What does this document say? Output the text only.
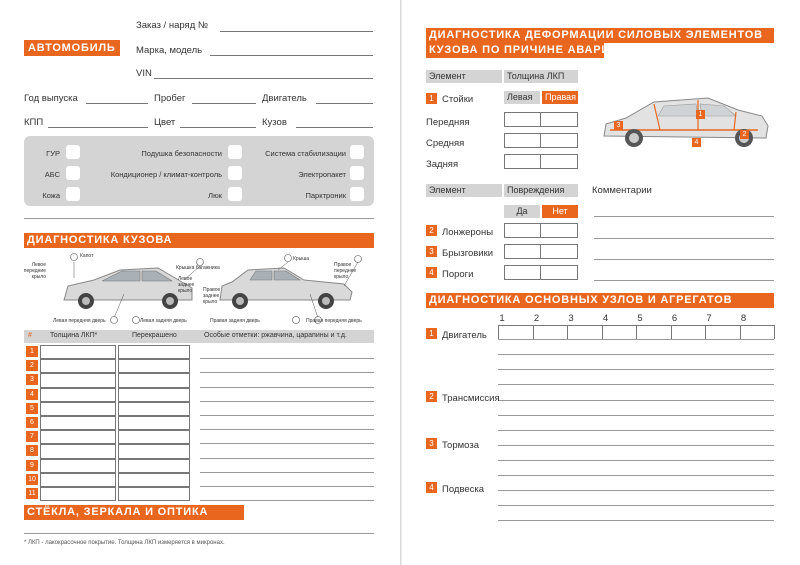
Заказ / наряд №
АВТОМОБИЛЬ	Марка, модель
VIN
Год выпуска	Пробег	Двигатель
КПП	Цвет	Кузов
ГУР	Подушка безопасности	Система стабилизации
АБС	Кондиционер / климат-контроль	Электропакет
Кожа	Люк	Парктроник
ДИАГНОСТИКА КУЗОВА
Капот
Левое передние крыло
Крышка багажника
Крыша
Правое переднее крыло
Левое заднее крыло	Правое заднее крыло
Левая передняя дверь	Левая задняя дверь	Правая задняя дверь	Правая передняя дверь
#	Толщина ЛКП*	Перекрашено	Особые отметки: ржавчина, царапины и т.д.
1
2
3
4
5
6
7
8
9
10
11
СТЁКЛА, ЗЕРКАЛА И ОПТИКА
* ЛКП - лакокрасочное покрытие. Толщина ЛКП измеряется в микронах.
ДИАГНОСТИКА ДЕФОРМАЦИИ СИЛОВЫХ ЭЛЕМЕНТОВ
КУЗОВА ПО ПРИЧИНЕ АВАРИИ
Элемент	Толщина ЛКП
1 Стойки	Левая	Правая
Передняя
Средняя
Задняя
1
2
3
4
Элемент	Повреждения	Комментарии
Да	Нет
2 Лонжероны
3 Брызговики
4 Пороги
ДИАГНОСТИКА ОСНОВНЫХ УЗЛОВ И АГРЕГАТОВ
1	2	3	4	5	6	7	8
1 Двигатель
2 Трансмиссия
3 Тормоза
4 Подвеска
